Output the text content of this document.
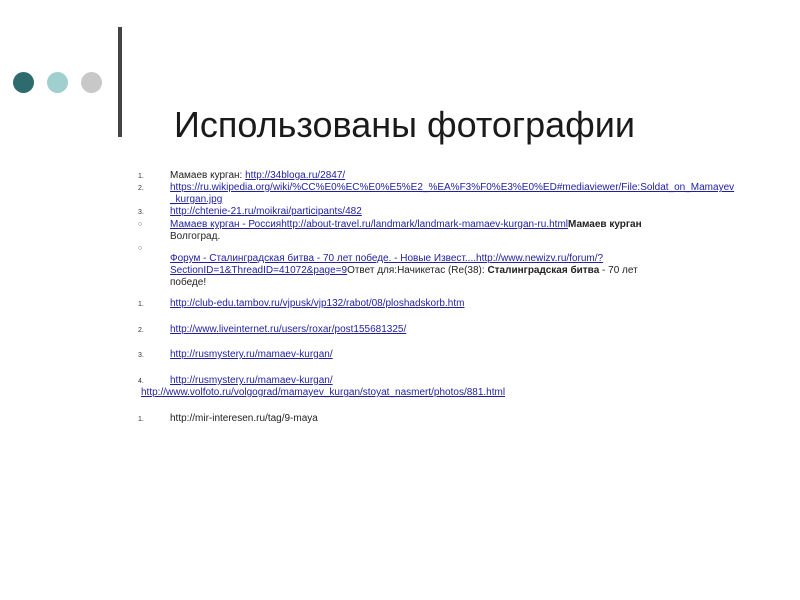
Использованы фотографии
1.	Мамаев курган: http://34bloga.ru/2847/
2.	https://ru.wikipedia.org/wiki/%CC%E0%EC%E0%E5%E2_%EA%F3%F0%E3%E0%ED#mediaviewer/File:Soldat_on_Mamayev_kurgan.jpg
3.	http://chtenie-21.ru/moikrai/participants/482
○	Мамаев курган - Россияhttp://about-travel.ru/landmark/landmark-mamaev-kurgan-ru.htmlМамаев курган Волгоград.
○
Форум - Сталинградская битва - 70 лет победе. - Новые Извест....http://www.newizv.ru/forum/?SectionID=1&ThreadID=41072&page=9Ответ для:Начикетас (Re(38): Сталинградская битва - 70 лет победе!
1.	http://club-edu.tambov.ru/vjpusk/vjp132/rabot/08/ploshadskorb.htm
2.	http://www.liveinternet.ru/users/roxar/post155681325/
3.	http://rusmystery.ru/mamaev-kurgan/
4.	http://rusmystery.ru/mamaev-kurgan/
http://www.volfoto.ru/volgograd/mamayev_kurgan/stoyat_nasmert/photos/881.html
1.	http://mir-interesen.ru/tag/9-maya
